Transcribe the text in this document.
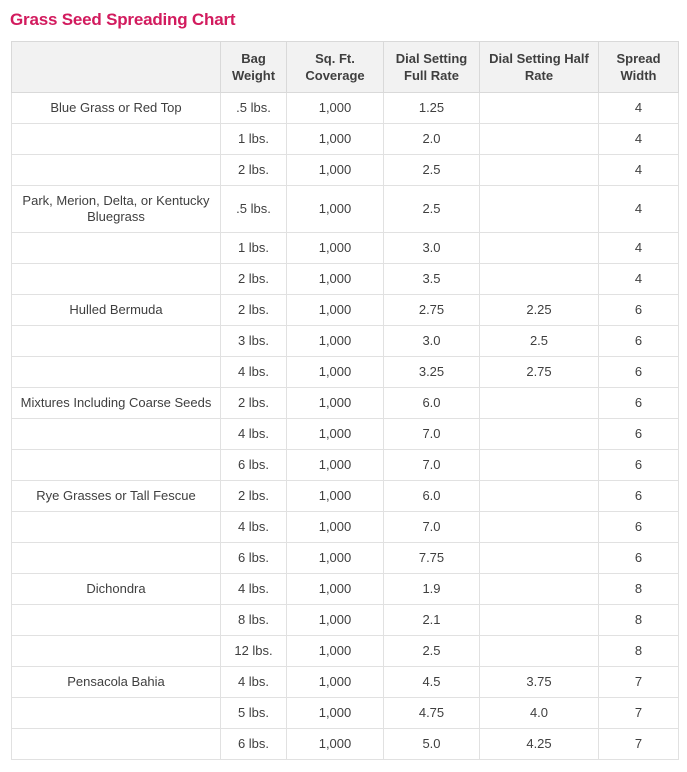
Grass Seed Spreading Chart
	Bag Weight	Sq. Ft. Coverage	Dial Setting Full Rate	Dial Setting Half Rate	Spread Width
Blue Grass or Red Top	.5 lbs.	1,000	1.25		4
	1 lbs.	1,000	2.0		4
	2 lbs.	1,000	2.5		4
Park, Merion, Delta, or Kentucky Bluegrass	.5 lbs.	1,000	2.5		4
	1 lbs.	1,000	3.0		4
	2 lbs.	1,000	3.5		4
Hulled Bermuda	2 lbs.	1,000	2.75	2.25	6
	3 lbs.	1,000	3.0	2.5	6
	4 lbs.	1,000	3.25	2.75	6
Mixtures Including Coarse Seeds	2 lbs.	1,000	6.0		6
	4 lbs.	1,000	7.0		6
	6 lbs.	1,000	7.0		6
Rye Grasses or Tall Fescue	2 lbs.	1,000	6.0		6
	4 lbs.	1,000	7.0		6
	6 lbs.	1,000	7.75		6
Dichondra	4 lbs.	1,000	1.9		8
	8 lbs.	1,000	2.1		8
	12 lbs.	1,000	2.5		8
Pensacola Bahia	4 lbs.	1,000	4.5	3.75	7
	5 lbs.	1,000	4.75	4.0	7
	6 lbs.	1,000	5.0	4.25	7
